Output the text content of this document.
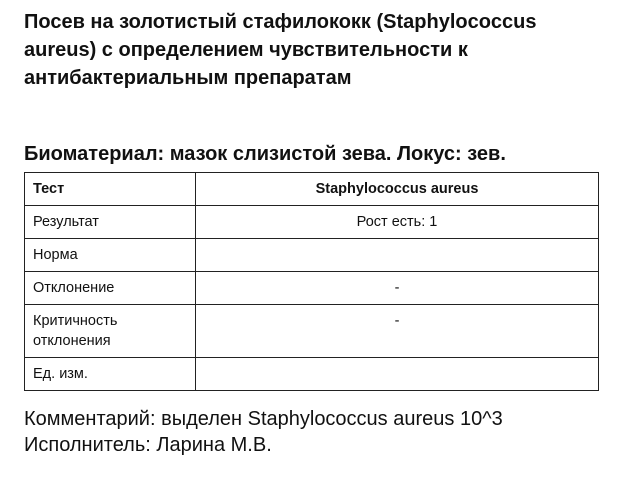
Посев на золотистый стафилококк (Staphylococcus aureus) с определением чувствительности к антибактериальным препаратам
Биоматериал: мазок слизистой зева. Локус: зев.
Тест	Staphylococcus aureus
Результат	Рост есть: 1
Норма	
Отклонение	-
Критичность отклонения	-
Ед. изм.	
Комментарий: выделен Staphylococcus aureus 10^3
Исполнитель: Ларина М.В.
